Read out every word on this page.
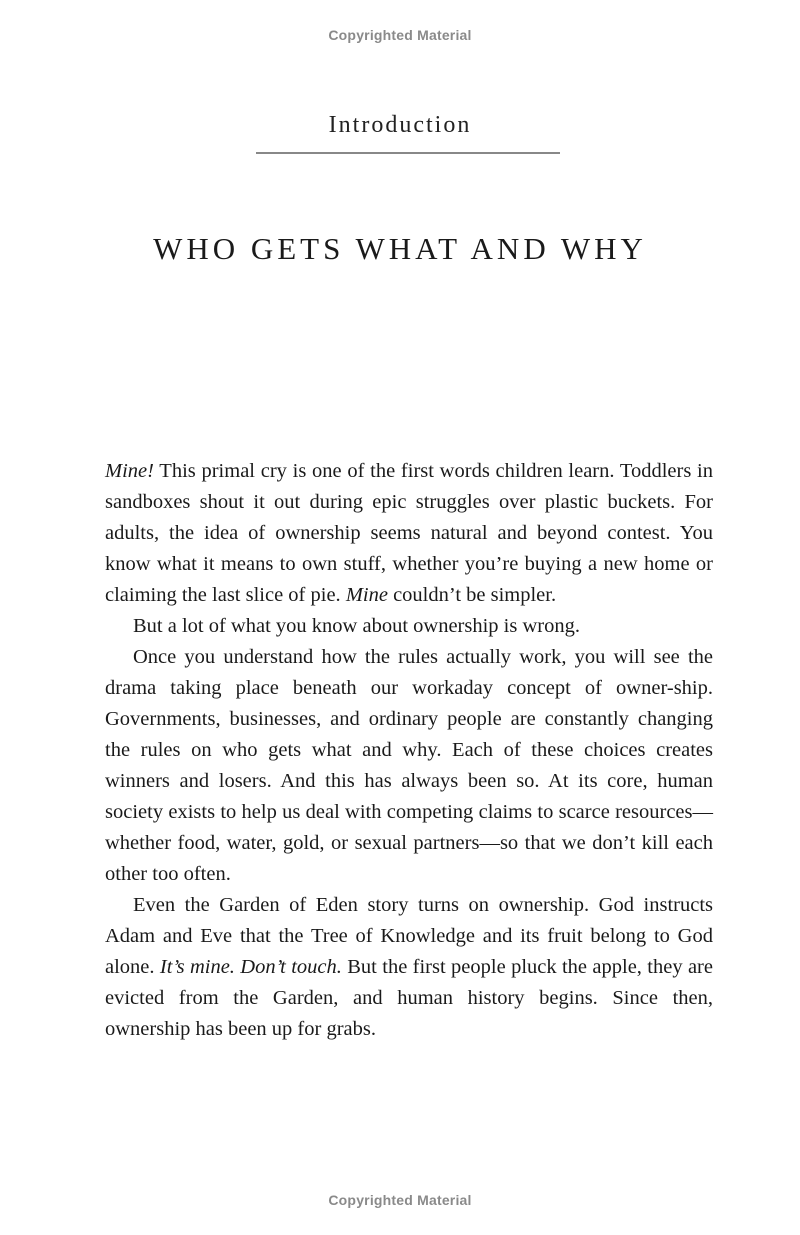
Copyrighted Material
Introduction
WHO GETS WHAT AND WHY

Mine! This primal cry is one of the first words children learn. Toddlers in sandboxes shout it out during epic struggles over plastic buckets. For adults, the idea of ownership seems natural and beyond contest. You know what it means to own stuff, whether you’re buying a new home or claiming the last slice of pie. Mine couldn’t be simpler.

But a lot of what you know about ownership is wrong.

Once you understand how the rules actually work, you will see the drama taking place beneath our workaday concept of owner-ship. Governments, businesses, and ordinary people are constantly changing the rules on who gets what and why. Each of these choices creates winners and losers. And this has always been so. At its core, human society exists to help us deal with competing claims to scarce resources—whether food, water, gold, or sexual partners—so that we don’t kill each other too often.

Even the Garden of Eden story turns on ownership. God instructs Adam and Eve that the Tree of Knowledge and its fruit belong to God alone. It’s mine. Don’t touch. But the first people pluck the apple, they are evicted from the Garden, and human history begins. Since then, ownership has been up for grabs.

Copyrighted Material
